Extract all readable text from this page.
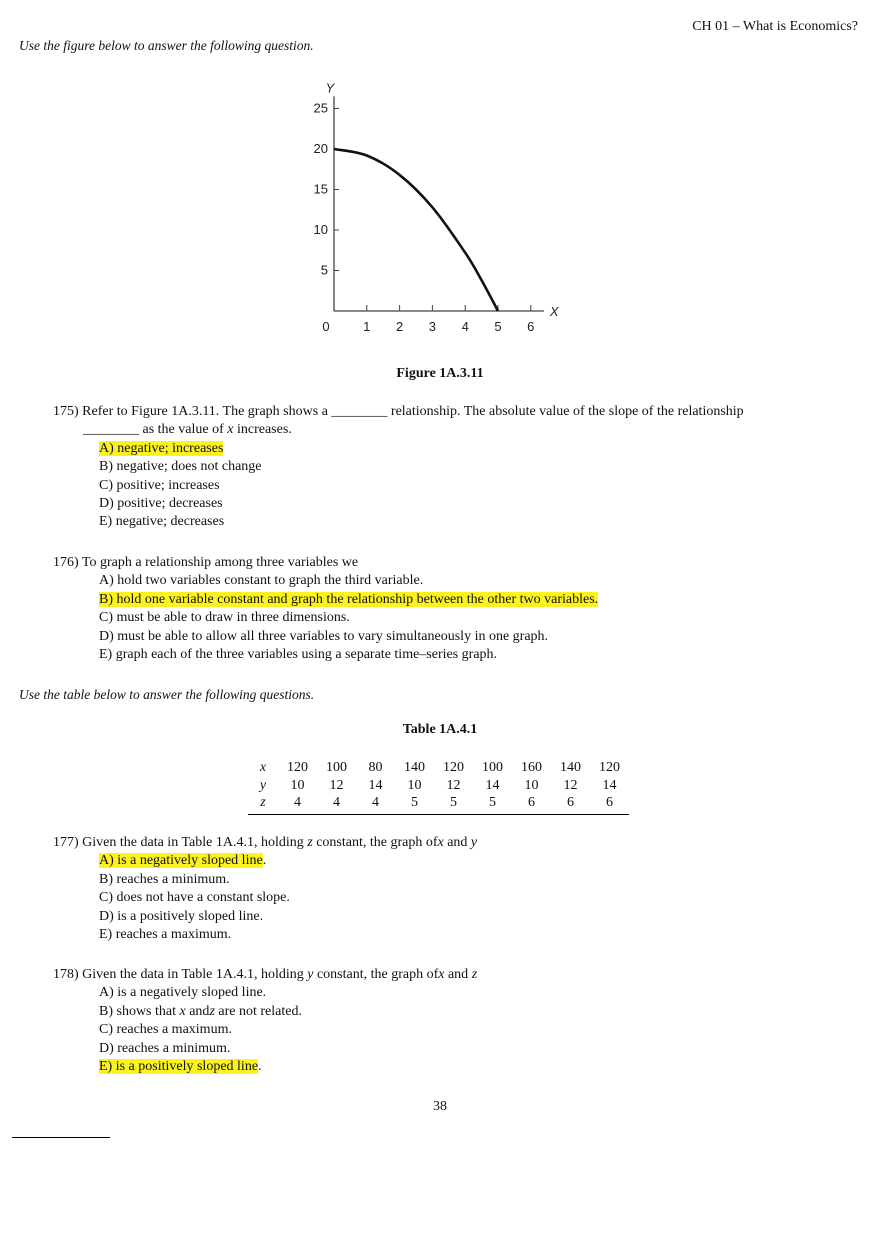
CH 01 – What is Economics?
Use the figure below to answer the following question.
X
Y
0	1 2 3 4 5 6
5
10
15
20
25
Figure 1A.3.11
175) Refer to Figure 1A.3.11. The graph shows a ________ relationship. The absolute value of the slope of the relationship
________ as the value of x increases.
A) negative; increases
B) negative; does not change
C) positive; increases
D) positive; decreases
E) negative; decreases
176) To graph a relationship among three variables we
A) hold two variables constant to graph the third variable.
B) hold one variable constant and graph the relationship between the other two variables.
C) must be able to draw in three dimensions.
D) must be able to allow all three variables to vary simultaneously in one graph.
E) graph each of the three variables using a separate time–series graph.
Use the table below to answer the following questions.
Table 1A.4.1
x	120	100	80	140	120	100	160	140	120
y	10	12	14	10	12	14	10	12	14
z	4	4	4	5	5	5	6	6	6
177) Given the data in Table 1A.4.1, holding z constant, the graph ofx and y
A) is a negatively sloped line.
B) reaches a minimum.
C) does not have a constant slope.
D) is a positively sloped line.
E) reaches a maximum.
178) Given the data in Table 1A.4.1, holding y constant, the graph ofx and z
A) is a negatively sloped line.
B) shows that x andz are not related.
C) reaches a maximum.
D) reaches a minimum.
E) is a positively sloped line.
38
